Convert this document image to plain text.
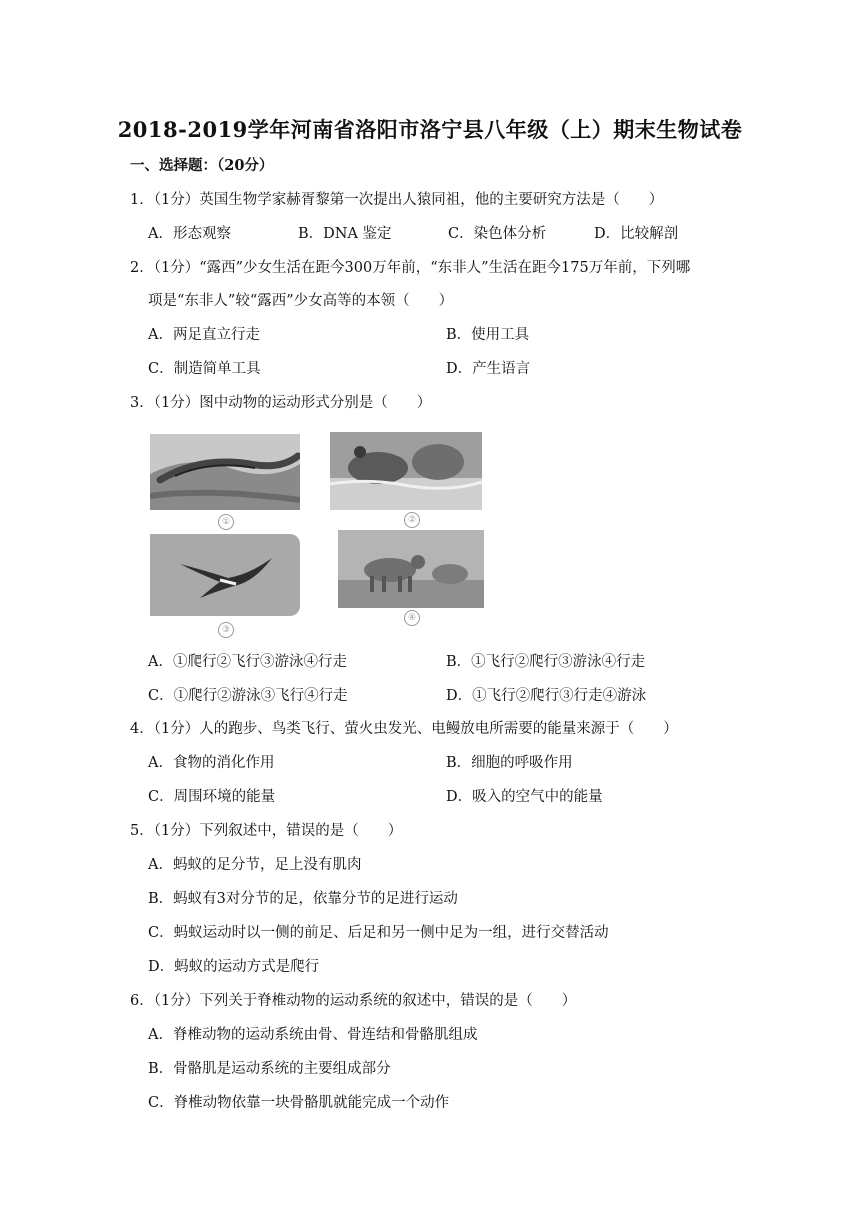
2018-2019学年河南省洛阳市洛宁县八年级（上）期末生物试卷
一、选择题：（20分）
1．（1分）英国生物学家赫胥黎第一次提出人猿同祖，他的主要研究方法是（　　）
A．形态观察	B．DNA 鉴定	C．染色体分析	D．比较解剖
2．（1分）“露西”少女生活在距今300万年前，“东非人”生活在距今175万年前，下列哪
项是“东非人”较“露西”少女高等的本领（　　）
A．两足直立行走	B．使用工具
C．制造简单工具	D．产生语言
3．（1分）图中动物的运动形式分别是（　　）
①	②
③
④
A．①爬行②飞行③游泳④行走	B．①飞行②爬行③游泳④行走
C．①爬行②游泳③飞行④行走	D．①飞行②爬行③行走④游泳
4．（1分）人的跑步、鸟类飞行、萤火虫发光、电鳗放电所需要的能量来源于（　　）
A．食物的消化作用	B．细胞的呼吸作用
C．周围环境的能量	D．吸入的空气中的能量
5．（1分）下列叙述中，错误的是（　　）
A．蚂蚁的足分节，足上没有肌肉
B．蚂蚁有3对分节的足，依靠分节的足进行运动
C．蚂蚁运动时以一侧的前足、后足和另一侧中足为一组，进行交替活动
D．蚂蚁的运动方式是爬行
6．（1分）下列关于脊椎动物的运动系统的叙述中，错误的是（　　）
A．脊椎动物的运动系统由骨、骨连结和骨骼肌组成
B．骨骼肌是运动系统的主要组成部分
C．脊椎动物依靠一块骨骼肌就能完成一个动作
